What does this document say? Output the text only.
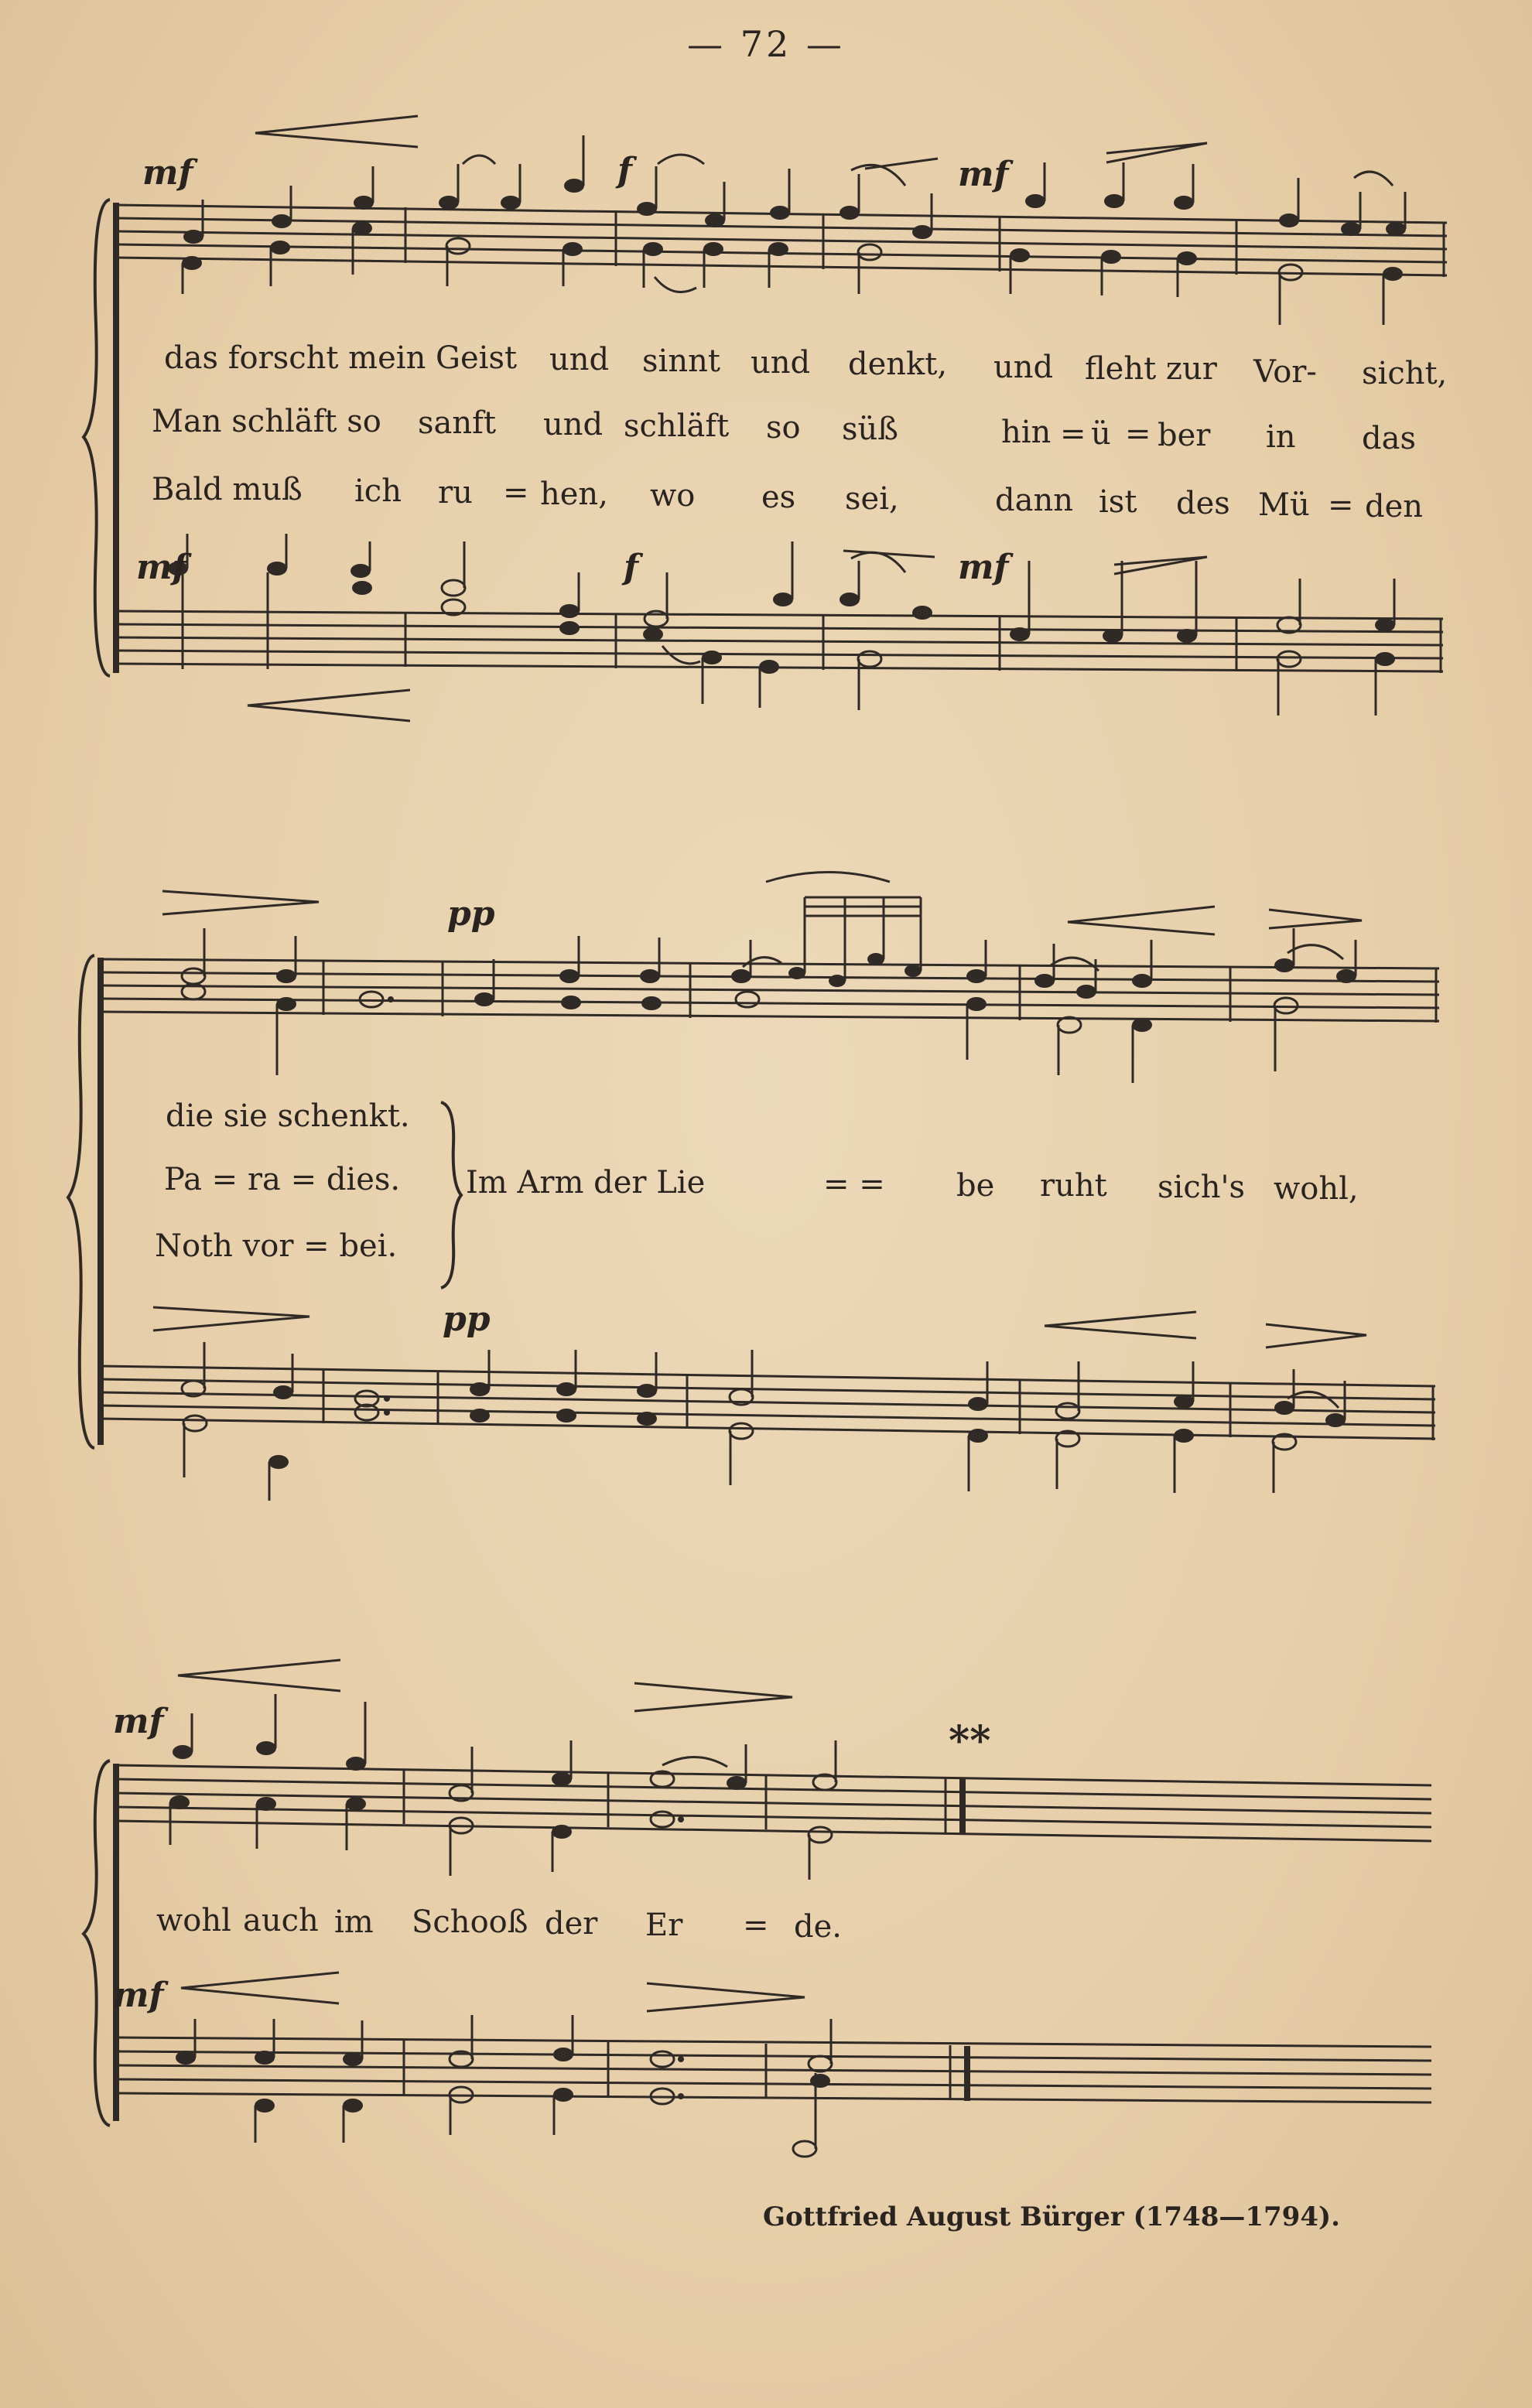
— 72 —
mf	f	mf
mf	f	mf
pp
pp
mf
mf
das forscht mein Geist und sinnt und denkt, und fleht zur Vor- sicht,
Man schläft so sanft und schläft so süß	hin = ü = ber in das
Bald muß ich ru = hen, wo es sei,	dann ist des Mü = den
die sie schenkt.
Pa = ra = dies.
Noth vor = bei.
Im Arm der Lie	= = be ruht sich's wohl,
wohl auch im Schooß der Er = de.
**
Gottfried August Bürger (1748—1794).
